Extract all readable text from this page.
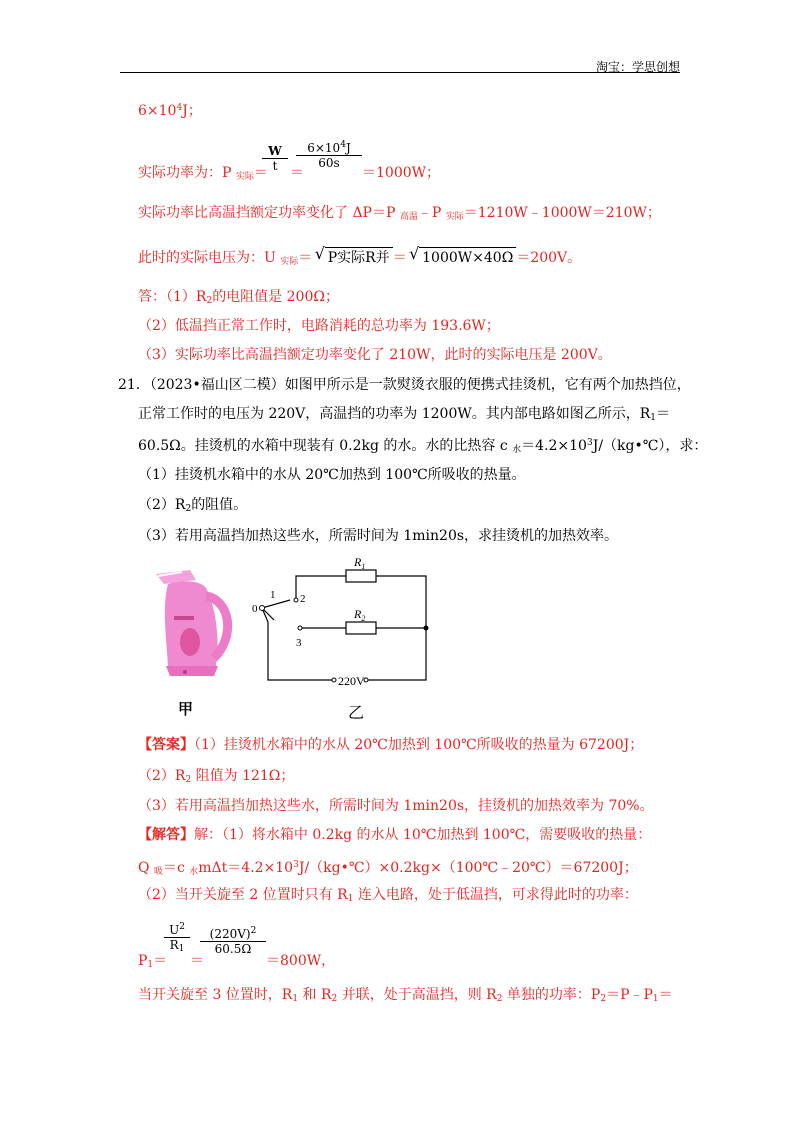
淘宝：学思创想
$6\times 10^4J$；
实际功率为：P $_{实际}$＝
$\frac{W}{t}$ ＝
$\frac{6\times 10^4J}{60s}$
＝1000W；
实际功率比高温挡额定功率变化了 ΔP＝P $_{高温}$﹣P $_{实际}$＝1210W﹣1000W＝210W；
此时的实际电压为：U $_{实际}$＝ √ P实际R并 ＝ √ 1000W×40Ω ＝200V。
答：$(1)R_2$的电阻值是 200Ω；
（2）低温挡正常工作时，电路消耗的总功率为 193.6W；
（3）实际功率比高温挡额定功率变化了 210W，此时的实际电压是 200V。
21．（2023•福山区二模）如图甲所示是一款熨烫衣服的便携式挂烫机，它有两个加热挡位，
正常工作时的电压为 220V，高温挡的功率为 1200W。其内部电路如图乙所示，$R_1=$
60.5Ω。挂烫机的水箱中现装有 0.2kg 的水。水的比热容 c $_水=4.2\times 10^3J/(kg•℃)$，求：
（1）挂烫机水箱中的水从 20℃加热到 100℃所吸收的热量。
$(2)R_2$的阻值。
（3）若用高温挡加热这些水，所需时间为 1min20s，求挂烫机的加热效率。
甲
$R_1$
$R_2$
220V
0
1 2
3
乙
【答案】（1）挂烫机水箱中的水从 20℃加热到 100℃所吸收的热量为 67200J；
$(2)R_2$ 阻值为 121Ω；
（3）若用高温挡加热这些水，所需时间为 1min20s，挂烫机的加热效率为 70%。
【解答】解：（1）将水箱中 0.2kg 的水从 10℃加热到 100℃，需要吸收的热量：
Q $_吸$＝c $_水m\Delta t=4.2\times 10^3J/(kg•℃)\times 0.2kg\times(100℃﹣20℃)=67200J$；
（2）当开关旋至 2 位置时只有 $R_1$ 连入电路，处于低温挡，可求得此时的功率：
$P_1=$
$\frac{U^2}{R_1}$
＝
$\frac{(220V)^2}{60.5\Omega}$
＝800W，
当开关旋至 3 位置时，$R_1$ 和 $R_2$ 并联，处于高温挡，则 $R_2$ 单独的功率：$P_2=P﹣P_1=$
